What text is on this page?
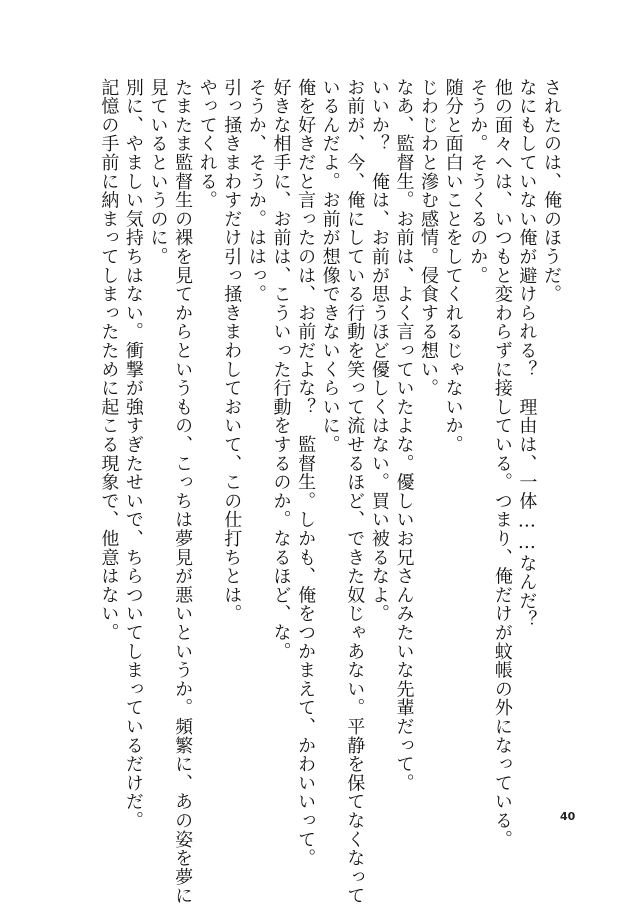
されたのは、俺のほうだ。
なにもしていない俺が避けられる？　理由は、一体……なんだ？
他の面々へは、いつもと変わらずに接している。つまり、俺だけが蚊帳の外になっている。
そうか。そうくるのか。
随分と面白いことをしてくれるじゃないか。
じわじわと滲む感情。侵食する想い。
なあ、監督生。お前は、よく言っていたよな。優しいお兄さんみたいな先輩だって。
いいか？　俺は、お前が思うほど優しくはない。買い被るなよ。
お前が、今、俺にしている行動を笑って流せるほど、できた奴じゃあない。平静を保てなくなって
いるんだよ。お前が想像できないくらいに。
俺を好きだと言ったのは、お前だよな？　監督生。しかも、俺をつかまえて、かわいいって。
好きな相手に、お前は、こういった行動をするのか。なるほど、な。
そうか、そうか。ははっ。
引っ掻きまわすだけ引っ掻きまわしておいて、この仕打ちとは。
やってくれる。
たまたま監督生の裸を見てからというもの、こっちは夢見が悪いというか。頻繁に、あの姿を夢に
見ているというのに。
別に、やましい気持ちはない。衝撃が強すぎたせいで、ちらついてしまっているだけだ。
記憶の手前に納まってしまったために起こる現象で、他意はない。
40
